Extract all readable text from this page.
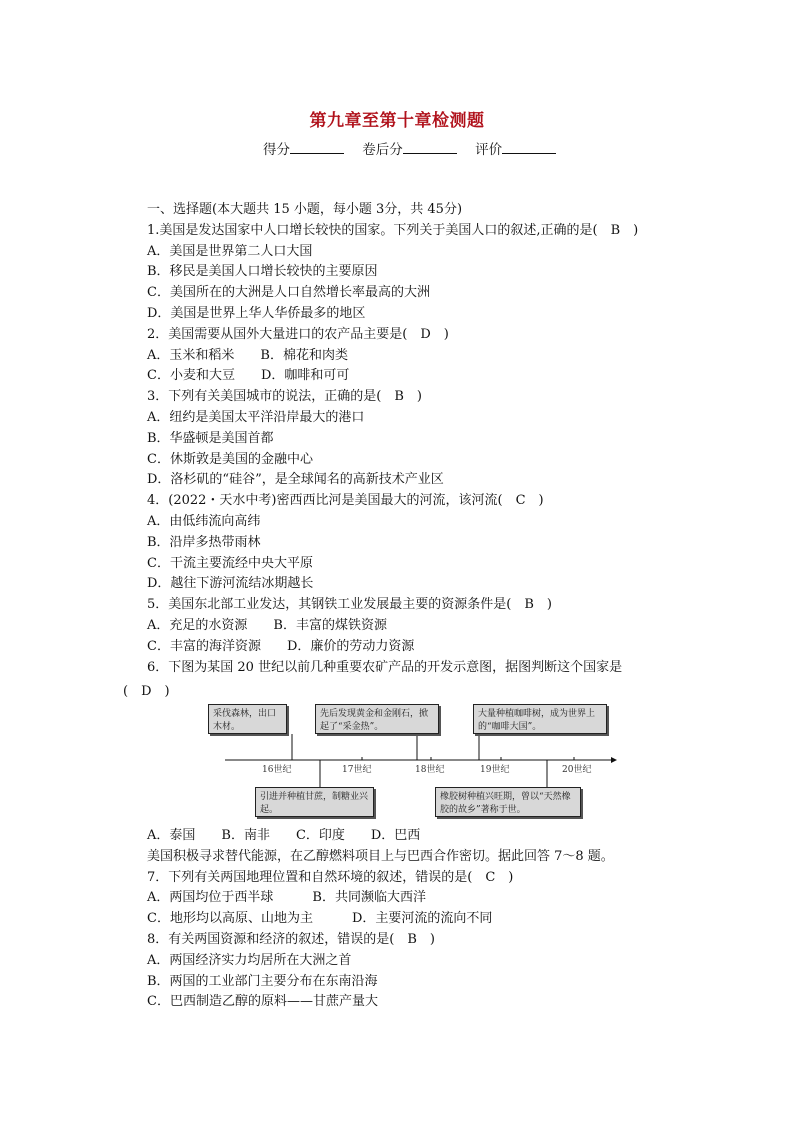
第九章至第十章检测题
得分	卷后分	评价
一、选择题(本大题共 15 小题，每小题 3分，共 45分)
1.美国是发达国家中人口增长较快的国家。下列关于美国人口的叙述,正确的是(　B　)
A．美国是世界第二人口大国
B．移民是美国人口增长较快的主要原因
C．美国所在的大洲是人口自然增长率最高的大洲
D．美国是世界上华人华侨最多的地区
2．美国需要从国外大量进口的农产品主要是(　D　)
A．玉米和稻米　　B．棉花和肉类
C．小麦和大豆　　D．咖啡和可可
3．下列有关美国城市的说法，正确的是(　B　)
A．纽约是美国太平洋沿岸最大的港口
B．华盛顿是美国首都
C．休斯敦是美国的金融中心
D．洛杉矶的“硅谷”，是全球闻名的高新技术产业区
4．(2022・天水中考)密西西比河是美国最大的河流，该河流(　C　)
A．由低纬流向高纬
B．沿岸多热带雨林
C．干流主要流经中央大平原
D．越往下游河流结冰期越长
5．美国东北部工业发达，其钢铁工业发展最主要的资源条件是(　B　)
A．充足的水资源　　B．丰富的煤铁资源
C．丰富的海洋资源　　D．廉价的劳动力资源
6．下图为某国 20 世纪以前几种重要农矿产品的开发示意图，据图判断这个国家是
(　D　)
16世纪	17世纪	18世纪	19世纪	20世纪
采伐森林，出口木材。
先后发现黄金和金刚石，掀起了“采金热”。
大量种植咖啡树，成为世界上的“咖啡大国”。
引进并种植甘蔗，制糖业兴起。
橡胶树种植兴旺期，曾以“天然橡胶的故乡”著称于世。
A．泰国　　B．南非　　C．印度　　D．巴西
美国积极寻求替代能源，在乙醇燃料项目上与巴西合作密切。据此回答 7～8 题。
7．下列有关两国地理位置和自然环境的叙述，错误的是(　C　)
A．两国均位于西半球　　　B．共同濒临大西洋
C．地形均以高原、山地为主　　　D．主要河流的流向不同
8．有关两国资源和经济的叙述，错误的是(　B　)
A．两国经济实力均居所在大洲之首
B．两国的工业部门主要分布在东南沿海
C．巴西制造乙醇的原料——甘蔗产量大
